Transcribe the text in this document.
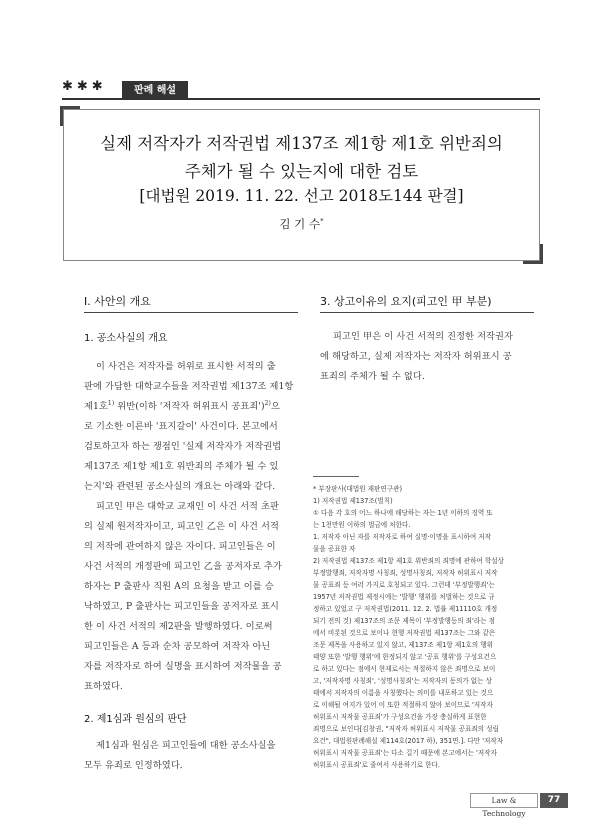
✱✱✱	판례 해설
실제 저작자가 저작권법 제137조 제1항 제1호 위반죄의
주체가 될 수 있는지에 대한 검토
[대법원 2019. 11. 22. 선고 2018도144 판결]
김 기 수*
I. 사안의 개요
1. 공소사실의 개요
이 사건은 저작자를 허위로 표시한 서적의 출
판에 가담한 대학교수들을 저작권법 제137조 제1항
제1호$^{1)}$ 위반(이하 '저작자 허위표시 공표죄')$^{2)}$으
로 기소한 이른바 '표지갈이' 사건이다. 본고에서
검토하고자 하는 쟁점인 '실제 저작자가 저작권법
제137조 제1항 제1호 위반죄의 주체가 될 수 있
는지'와 관련된 공소사실의 개요는 아래와 같다.
피고인 甲은 대학교 교재인 이 사건 서적 초판
의 실제 원저작자이고, 피고인 乙은 이 사건 서적
의 저작에 관여하지 않은 자이다. 피고인들은 이
사건 서적의 개정판에 피고인 乙을 공저자로 추가
하자는 P 출판사 직원 A의 요청을 받고 이를 승
낙하였고, P 출판사는 피고인들을 공저자로 표시
한 이 사건 서적의 제2판을 발행하였다. 이로써
피고인들은 A 등과 순차 공모하여 저작자 아닌
자를 저작자로 하여 실명을 표시하여 저작물을 공
표하였다.
2. 제1심과 원심의 판단
제1심과 원심은 피고인들에 대한 공소사실을
모두 유죄로 인정하였다.
3. 상고이유의 요지(피고인 甲 부분)
피고인 甲은 이 사건 서적의 진정한 저작권자
에 해당하고, 실제 저작자는 저작자 허위표시 공
표죄의 주체가 될 수 없다.
* 부장판사(대법원 재판연구관)
1) 저작권법 제137조(벌칙)
① 다음 각 호의 어느 하나에 해당하는 자는 1년 이하의 징역 또
는 1천만원 이하의 벌금에 처한다.
1. 저작자 아닌 자를 저작자로 하여 실명·이명을 표시하여 저작
물을 공표한 자
2) 저작권법 제137조 제1항 제1호 위반죄의 죄명에 관하여 학설상
부정발행죄, 저작자명 사칭죄, 성명사칭죄, 저작자 허위표시 저작
물 공표죄 등 여러 가지로 호칭되고 있다. 그런데 '부정발행죄'는
1957년 저작권법 제정시에는 '발행' 행위를 처벌하는 것으로 규
정하고 있었고 구 저작권법(2011. 12. 2. 법률 제11110호 개정
되기 전의 것) 제137조의 조문 제목이 '부정발행등의 죄'라는 점
에서 비롯된 것으로 보이나 현행 저작권법 제137조는 그와 같은
조문 제목을 사용하고 있지 않고, 제137조 제1항 제1호의 행위
태양 또한 '발행 행위'에 한정되지 않고 '공표 행위'를 구성요건으
로 하고 있다는 점에서 현재로서는 적절하지 않은 죄명으로 보이
고, '저작자명 사칭죄', '성명사칭죄'는 저작자의 동의가 없는 상
태에서 저작자의 이름을 사칭했다는 의미를 내포하고 있는 것으
로 이해될 여지가 있어 이 또한 적절하지 않아 보이므로 '저작자
허위표시 저작물 공표죄'가 구성요건을 가장 충실하게 표현한
죄명으로 보인다[김창권, "저작자 허위표시 저작물 공표죄의 성립
요건", 대법원판례해설 제114호(2017 하), 351면.]. 다만 '저작자
허위표시 저작물 공표죄'는 다소 길기 때문에 본고에서는 '저작자
허위표시 공표죄'로 줄여서 사용하기로 한다.
Law & Technology
77
